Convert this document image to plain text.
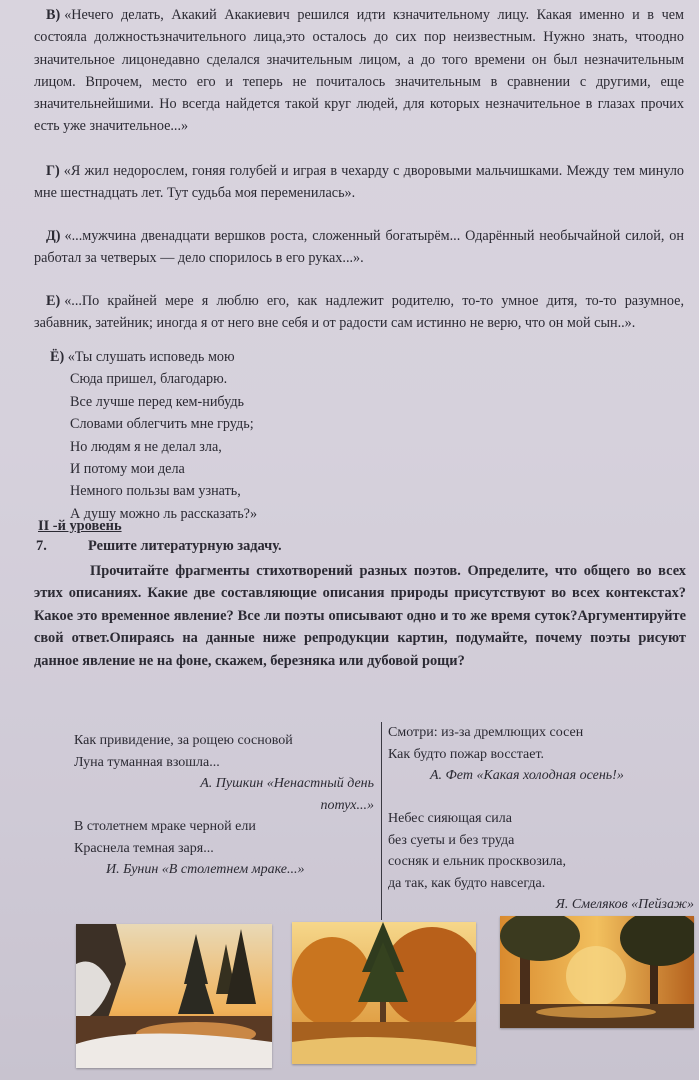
В) «Нечего делать, Акакий Акакиевич решился идти кзначительному лицу. Какая именно и в чем состояла должностьзначительного лица,это осталось до сих пор неизвестным. Нужно знать, чтоодно значительное лицонедавно сделался значительным лицом, а до того времени он был незначительным лицом. Впрочем, место его и теперь не почиталось значительным в сравнении с другими, еще значительнейшими. Но всегда найдется такой круг людей, для которых незначительное в глазах прочих есть уже значительное...»
Г) «Я жил недорослем, гоняя голубей и играя в чехарду с дворовыми мальчишками. Между тем минуло мне шестнадцать лет. Тут судьба моя переменилась».
Д) «...мужчина двенадцати вершков роста, сложенный богатырём... Одарённый необычайной силой, он работал за четверых — дело спорилось в его руках...».
Е) «...По крайней мере я люблю его, как надлежит родителю, то-то умное дитя, то-то разумное, забавник, затейник; иногда я от него вне себя и от радости сам истинно не верю, что он мой сын..».
Ё) «Ты слушать исповедь мою
Сюда пришел, благодарю.
Все лучше перед кем-нибудь
Словами облегчить мне грудь;
Но людям я не делал зла,
И потому мои дела
Немного пользы вам узнать,
А душу можно ль рассказать?»
II -й уровень
7.	Решите литературную задачу.
Прочитайте фрагменты стихотворений разных поэтов. Определите, что общего во всех этих описаниях. Какие две составляющие описания природы присутствуют во всех контекстах? Какое это временное явление? Все ли поэты описывают одно и то же время суток?Аргументируйте свой ответ.Опираясь на данные ниже репродукции картин, подумайте, почему поэты рисуют данное явление не на фоне, скажем, березняка или дубовой рощи?
Как привидение, за рощею сосновой
Луна туманная взошла...
А. Пушкин «Ненастный день
потух...»
В столетнем мраке черной ели
Краснела темная заря...
И. Бунин «В столетнем мраке...»
Смотри: из-за дремлющих сосен
Как будто пожар восстает.
А. Фет «Какая холодная осень!»
Небес сияющая сила
без суеты и без труда
сосняк и ельник просквозила,
да так, как будто навсегда.
Я. Смеляков «Пейзаж»
